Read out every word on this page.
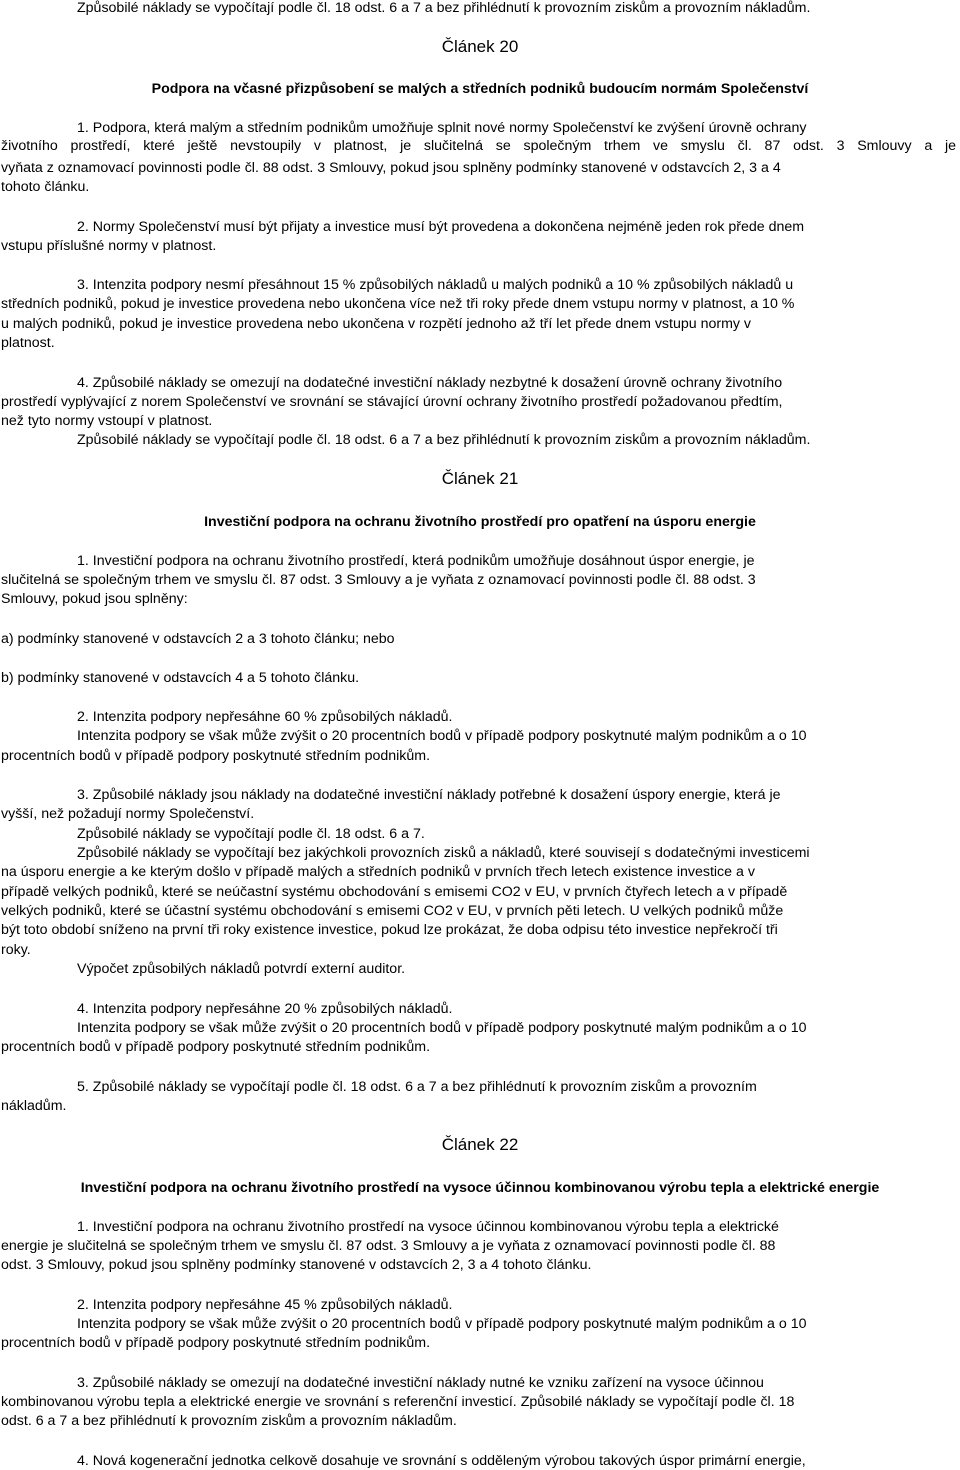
Způsobilé náklady se vypočítají podle čl. 18 odst. 6 a 7 a bez přihlédnutí k provozním ziskům a provozním nákladům.
Článek 20
Podpora na včasné přizpůsobení se malých a středních podniků budoucím normám Společenství
1. Podpora, která malým a středním podnikům umožňuje splnit nové normy Společenství ke zvýšení úrovně ochrany
životního prostředí, které ještě nevstoupily v platnost, je slučitelná se společným trhem ve smyslu čl. 87 odst. 3 Smlouvy a je
vyňata z oznamovací povinnosti podle čl. 88 odst. 3 Smlouvy, pokud jsou splněny podmínky stanovené v odstavcích 2, 3 a 4
tohoto článku.
2. Normy Společenství musí být přijaty a investice musí být provedena a dokončena nejméně jeden rok přede dnem
vstupu příslušné normy v platnost.
3. Intenzita podpory nesmí přesáhnout 15 % způsobilých nákladů u malých podniků a 10 % způsobilých nákladů u
středních podniků, pokud je investice provedena nebo ukončena více než tři roky přede dnem vstupu normy v platnost, a 10 %
u malých podniků, pokud je investice provedena nebo ukončena v rozpětí jednoho až tří let přede dnem vstupu normy v
platnost.
4. Způsobilé náklady se omezují na dodatečné investiční náklady nezbytné k dosažení úrovně ochrany životního
prostředí vyplývající z norem Společenství ve srovnání se stávající úrovní ochrany životního prostředí požadovanou předtím,
než tyto normy vstoupí v platnost.
Způsobilé náklady se vypočítají podle čl. 18 odst. 6 a 7 a bez přihlédnutí k provozním ziskům a provozním nákladům.
Článek 21
Investiční podpora na ochranu životního prostředí pro opatření na úsporu energie
1. Investiční podpora na ochranu životního prostředí, která podnikům umožňuje dosáhnout úspor energie, je
slučitelná se společným trhem ve smyslu čl. 87 odst. 3 Smlouvy a je vyňata z oznamovací povinnosti podle čl. 88 odst. 3
Smlouvy, pokud jsou splněny:
a) podmínky stanovené v odstavcích 2 a 3 tohoto článku; nebo
b) podmínky stanovené v odstavcích 4 a 5 tohoto článku.
2. Intenzita podpory nepřesáhne 60 % způsobilých nákladů.
Intenzita podpory se však může zvýšit o 20 procentních bodů v případě podpory poskytnuté malým podnikům a o 10
procentních bodů v případě podpory poskytnuté středním podnikům.
3. Způsobilé náklady jsou náklady na dodatečné investiční náklady potřebné k dosažení úspory energie, která je
vyšší, než požadují normy Společenství.
Způsobilé náklady se vypočítají podle čl. 18 odst. 6 a 7.
Způsobilé náklady se vypočítají bez jakýchkoli provozních zisků a nákladů, které souvisejí s dodatečnými investicemi
na úsporu energie a ke kterým došlo v případě malých a středních podniků v prvních třech letech existence investice a v
případě velkých podniků, které se neúčastní systému obchodování s emisemi CO2 v EU, v prvních čtyřech letech a v případě
velkých podniků, které se účastní systému obchodování s emisemi CO2 v EU, v prvních pěti letech. U velkých podniků může
být toto období sníženo na první tři roky existence investice, pokud lze prokázat, že doba odpisu této investice nepřekročí tři
roky.
Výpočet způsobilých nákladů potvrdí externí auditor.
4. Intenzita podpory nepřesáhne 20 % způsobilých nákladů.
Intenzita podpory se však může zvýšit o 20 procentních bodů v případě podpory poskytnuté malým podnikům a o 10
procentních bodů v případě podpory poskytnuté středním podnikům.
5. Způsobilé náklady se vypočítají podle čl. 18 odst. 6 a 7 a bez přihlédnutí k provozním ziskům a provozním
nákladům.
Článek 22
Investiční podpora na ochranu životního prostředí na vysoce účinnou kombinovanou výrobu tepla a elektrické energie
1. Investiční podpora na ochranu životního prostředí na vysoce účinnou kombinovanou výrobu tepla a elektrické
energie je slučitelná se společným trhem ve smyslu čl. 87 odst. 3 Smlouvy a je vyňata z oznamovací povinnosti podle čl. 88
odst. 3 Smlouvy, pokud jsou splněny podmínky stanovené v odstavcích 2, 3 a 4 tohoto článku.
2. Intenzita podpory nepřesáhne 45 % způsobilých nákladů.
Intenzita podpory se však může zvýšit o 20 procentních bodů v případě podpory poskytnuté malým podnikům a o 10
procentních bodů v případě podpory poskytnuté středním podnikům.
3. Způsobilé náklady se omezují na dodatečné investiční náklady nutné ke vzniku zařízení na vysoce účinnou
kombinovanou výrobu tepla a elektrické energie ve srovnání s referenční investicí. Způsobilé náklady se vypočítají podle čl. 18
odst. 6 a 7 a bez přihlédnutí k provozním ziskům a provozním nákladům.
4. Nová kogenerační jednotka celkově dosahuje ve srovnání s odděleným výrobou takových úspor primární energie,
